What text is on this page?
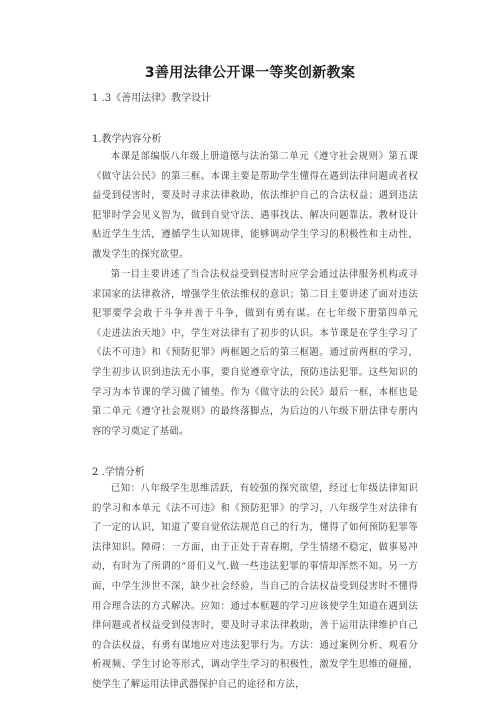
3善用法律公开课一等奖创新教案
1 .3《善用法律》教学设计
1.教学内容分析

本课是部编版八年级上册道德与法治第二单元《遵守社会规则》第五课《做守法公民》的第三框。本课主要是帮助学生懂得在遇到法律问题或者权益受到侵害时，要及时寻求法律救助，依法维护自己的合法权益；遇到违法犯罪时学会见义智为，做到自觉守法、遇事找法、解决问题靠法。教材设计贴近学生生活，遵循学生认知规律，能够调动学生学习的积极性和主动性，激发学生的探究欲望。

第一目主要讲述了当合法权益受到侵害时应学会通过法律服务机构或寻求国家的法律救济，增强学生依法维权的意识；第二目主要讲述了面对违法犯罪要学会敢于斗争并善于斗争，做到有勇有谋。在七年级下册第四单元《走进法治天地》中，学生对法律有了初步的认识。本节课是在学生学习了《法不可违》和《预防犯罪》两框题之后的第三框题。通过前两框的学习，学生初步认识到违法无小事，要自觉遵章守法，预防违法犯罪。这些知识的学习为本节课的学习做了铺垫。作为《做守法的公民》最后一框，本框也是第二单元《遵守社会规则》的最终落脚点，为后边的八年级下册法律专册内容的学习奠定了基础。

2 .学情分析

已知：八年级学生思维活跃，有较强的探究欲望，经过七年级法律知识的学习和本单元《法不可违》和《预防犯罪》的学习，八年级学生对法律有了一定的认识，知道了要自觉依法规范自己的行为，懂得了如何预防犯罪等法律知识。障碍：一方面，由于正处于青春期，学生情绪不稳定，做事易冲动，有时为了所谓的“哥们义气.做一些违法犯罪的事情却浑然不知。另一方面，中学生涉世不深，缺少社会经验，当自己的合法权益受到侵害时不懂得用合理合法的方式解决。应知：通过本框题的学习应该使学生知道在遇到法律问题或者权益受到侵害时，要及时寻求法律救助，善于运用法律维护自己的合法权益，有勇有谋地应对违法犯罪行为。方法：通过案例分析、观看分析视频、学生讨论等形式，调动学生学习的积极性，激发学生思维的碰撞，使学生了解运用法律武器保护自己的途径和方法，
